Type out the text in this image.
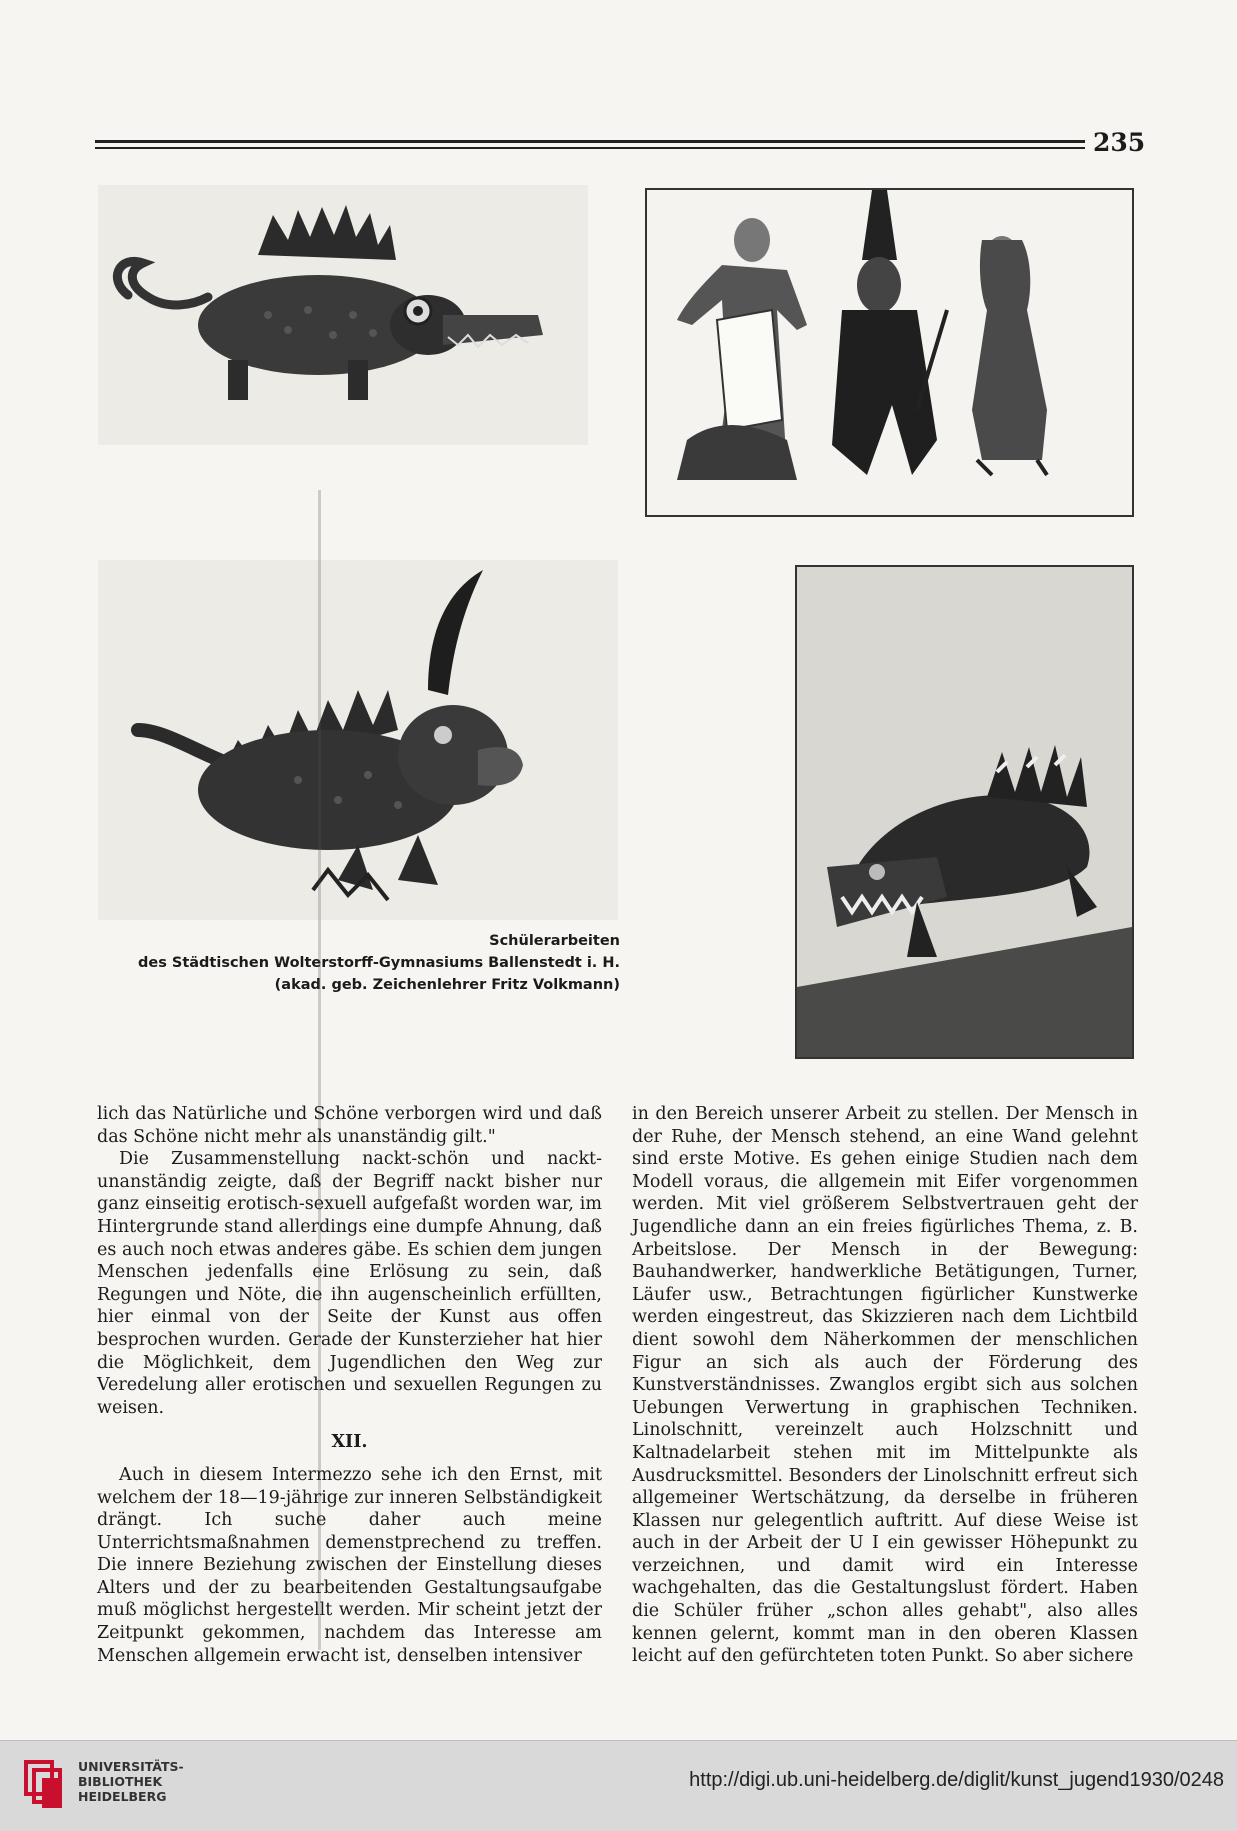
235
Schülerarbeiten
des Städtischen Wolterstorff-Gymnasiums Ballenstedt i. H.
(akad. geb. Zeichenlehrer Fritz Volkmann)

lich das Natürliche und Schöne verborgen wird und daß das Schöne nicht mehr als unanständig gilt."

Die Zusammenstellung nackt-schön und nackt-unanständig zeigte, daß der Begriff nackt bisher nur ganz einseitig erotisch-sexuell aufgefaßt worden war, im Hintergrunde stand allerdings eine dumpfe Ahnung, daß es auch noch etwas anderes gäbe. Es schien dem jungen Menschen jedenfalls eine Erlösung zu sein, daß Regungen und Nöte, die ihn augenscheinlich erfüllten, hier einmal von der Seite der Kunst aus offen besprochen wurden. Gerade der Kunsterzieher hat hier die Möglichkeit, dem Jugendlichen den Weg zur Veredelung aller erotischen und sexuellen Regungen zu weisen.

XII.

Auch in diesem Intermezzo sehe ich den Ernst, mit welchem der 18—19-jährige zur inneren Selbständigkeit drängt. Ich suche daher auch meine Unterrichtsmaßnahmen demenstprechend zu treffen. Die innere Beziehung zwischen der Einstellung dieses Alters und der zu bearbeitenden Gestaltungsaufgabe muß möglichst hergestellt werden. Mir scheint jetzt der Zeitpunkt gekommen, nachdem das Interesse am Menschen allgemein erwacht ist, denselben intensiver

in den Bereich unserer Arbeit zu stellen. Der Mensch in der Ruhe, der Mensch stehend, an eine Wand gelehnt sind erste Motive. Es gehen einige Studien nach dem Modell voraus, die allgemein mit Eifer vorgenommen werden. Mit viel größerem Selbstvertrauen geht der Jugendliche dann an ein freies figürliches Thema, z. B. Arbeitslose. Der Mensch in der Bewegung: Bauhandwerker, handwerkliche Betätigungen, Turner, Läufer usw., Betrachtungen figürlicher Kunstwerke werden eingestreut, das Skizzieren nach dem Lichtbild dient sowohl dem Näherkommen der menschlichen Figur an sich als auch der Förderung des Kunstverständnisses. Zwanglos ergibt sich aus solchen Uebungen Verwertung in graphischen Techniken. Linolschnitt, vereinzelt auch Holzschnitt und Kaltnadelarbeit stehen mit im Mittelpunkte als Ausdrucksmittel. Besonders der Linolschnitt erfreut sich allgemeiner Wertschätzung, da derselbe in früheren Klassen nur gelegentlich auftritt. Auf diese Weise ist auch in der Arbeit der U I ein gewisser Höhepunkt zu verzeichnen, und damit wird ein Interesse wachgehalten, das die Gestaltungslust fördert. Haben die Schüler früher „schon alles gehabt", also alles kennen gelernt, kommt man in den oberen Klassen leicht auf den gefürchteten toten Punkt. So aber sichere

UNIVERSITÄTS-
BIBLIOTHEK
HEIDELBERG
http://digi.ub.uni-heidelberg.de/diglit/kunst_jugend1930/0248
